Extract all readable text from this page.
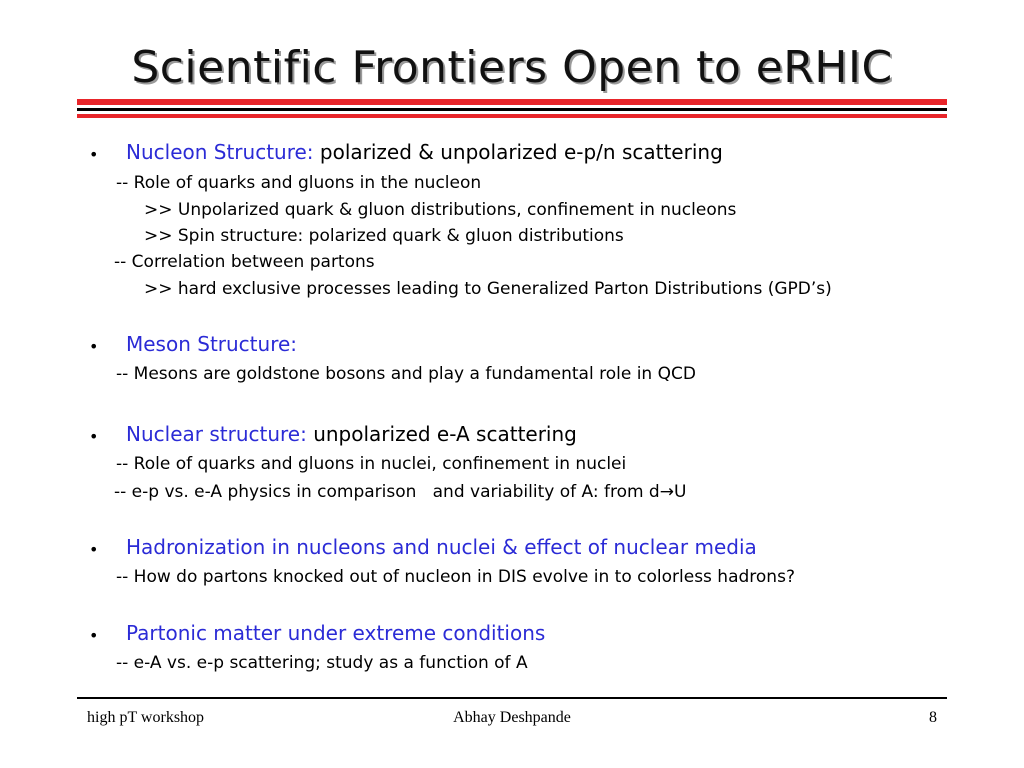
Scientific Frontiers Open to eRHIC
• Nucleon Structure: polarized & unpolarized e-p/n scattering
-- Role of quarks and gluons in the nucleon
>> Unpolarized quark & gluon distributions, confinement in nucleons
>> Spin structure: polarized quark & gluon distributions
-- Correlation between partons
>> hard exclusive processes leading to Generalized Parton Distributions (GPD’s)
• Meson Structure:
-- Mesons are goldstone bosons and play a fundamental role in QCD
• Nuclear structure: unpolarized e-A scattering
-- Role of quarks and gluons in nuclei, confinement in nuclei
-- e-p vs. e-A physics in comparison   and variability of A: from d→U
• Hadronization in nucleons and nuclei & effect of nuclear media
-- How do partons knocked out of nucleon in DIS evolve in to colorless hadrons?
• Partonic matter under extreme conditions
-- e-A vs. e-p scattering; study as a function of A
high pT workshop	Abhay Deshpande	8
